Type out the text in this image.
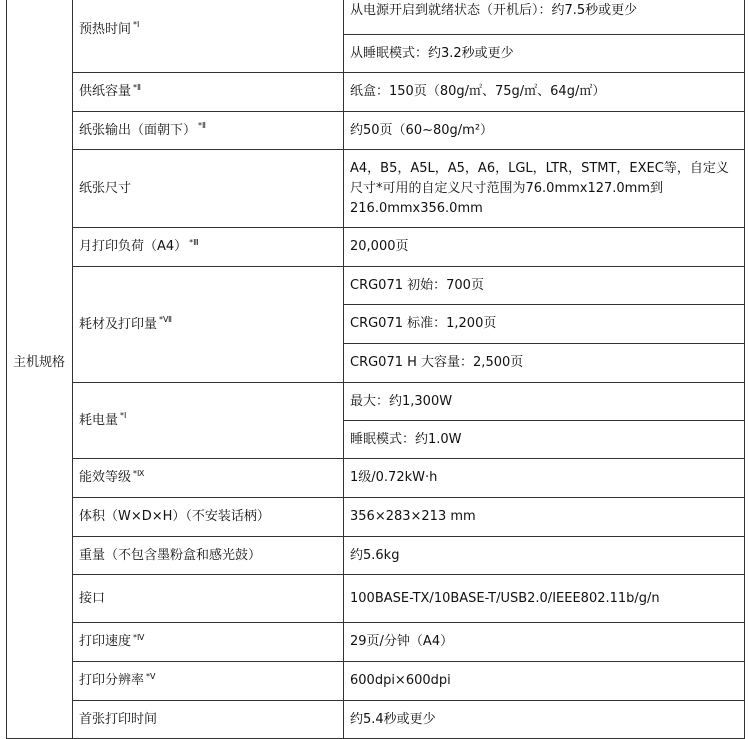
主机规格	预热时间 $^{*Ⅰ}$	从电源开启到就绪状态（开机后）：约7.5秒或更少
		从睡眠模式：约3.2秒或更少
	供纸容量 $^{*Ⅱ}$	纸盒：150页（80g/㎡、75g/㎡、64g/㎡）
	纸张输出（面朝下） $^{*Ⅱ}$	约50页（60~80g/m²）
	纸张尺寸	A4，B5，A5L，A5，A6，LGL，LTR，STMT，EXEC等，自定义尺寸*可用的自定义尺寸范围为76.0mmx127.0mm到216.0mmx356.0mm
	月打印负荷（A4） $^{*Ⅲ}$	20,000页
	耗材及打印量 $^{*Ⅶ}$	CRG071 初始：700页
		CRG071 标准：1,200页
		CRG071 H 大容量：2,500页
	耗电量 $^{*Ⅰ}$	最大：约1,300W
		睡眠模式：约1.0W
	能效等级 $^{*Ⅸ}$	1级/0.72kW·h
	体积（W×D×H）（不安装话柄）	356×283×213 mm
	重量（不包含墨粉盒和感光鼓）	约5.6kg
	接口	100BASE-TX/10BASE-T/USB2.0/IEEE802.11b/g/n
	打印速度 $^{*Ⅳ}$	29页/分钟（A4）
	打印分辨率 $^{*Ⅴ}$	600dpi×600dpi
	首张打印时间	约5.4秒或更少
